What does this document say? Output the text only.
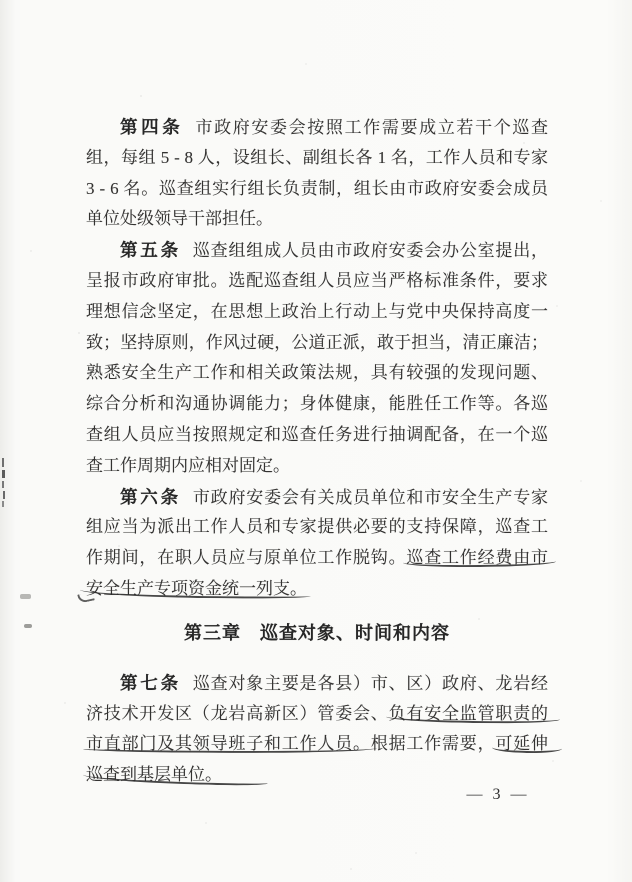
第四条 市政府安委会按照工作需要成立若干个巡查
组，每组 5 - 8 人，设组长、副组长各 1 名，工作人员和专家
3 - 6 名。巡查组实行组长负责制，组长由市政府安委会成员
单位处级领导干部担任。
第五条 巡查组组成人员由市政府安委会办公室提出，
呈报市政府审批。选配巡查组人员应当严格标准条件，要求
理想信念坚定，在思想上政治上行动上与党中央保持高度一
致；坚持原则，作风过硬，公道正派，敢于担当，清正廉洁；
熟悉安全生产工作和相关政策法规，具有较强的发现问题、
综合分析和沟通协调能力；身体健康，能胜任工作等。各巡
查组人员应当按照规定和巡查任务进行抽调配备，在一个巡
查工作周期内应相对固定。
第六条 市政府安委会有关成员单位和市安全生产专家
组应当为派出工作人员和专家提供必要的支持保障，巡查工
作期间，在职人员应与原单位工作脱钩。巡查工作经费由市
安全生产专项资金统一列支。
第三章　巡查对象、时间和内容
第七条 巡查对象主要是各县）市、区）政府、龙岩经
济技术开发区（龙岩高新区）管委会、负有安全监管职责的
市直部门及其领导班子和工作人员。根据工作需要，可延伸
巡查到基层单位。
— 3 —
